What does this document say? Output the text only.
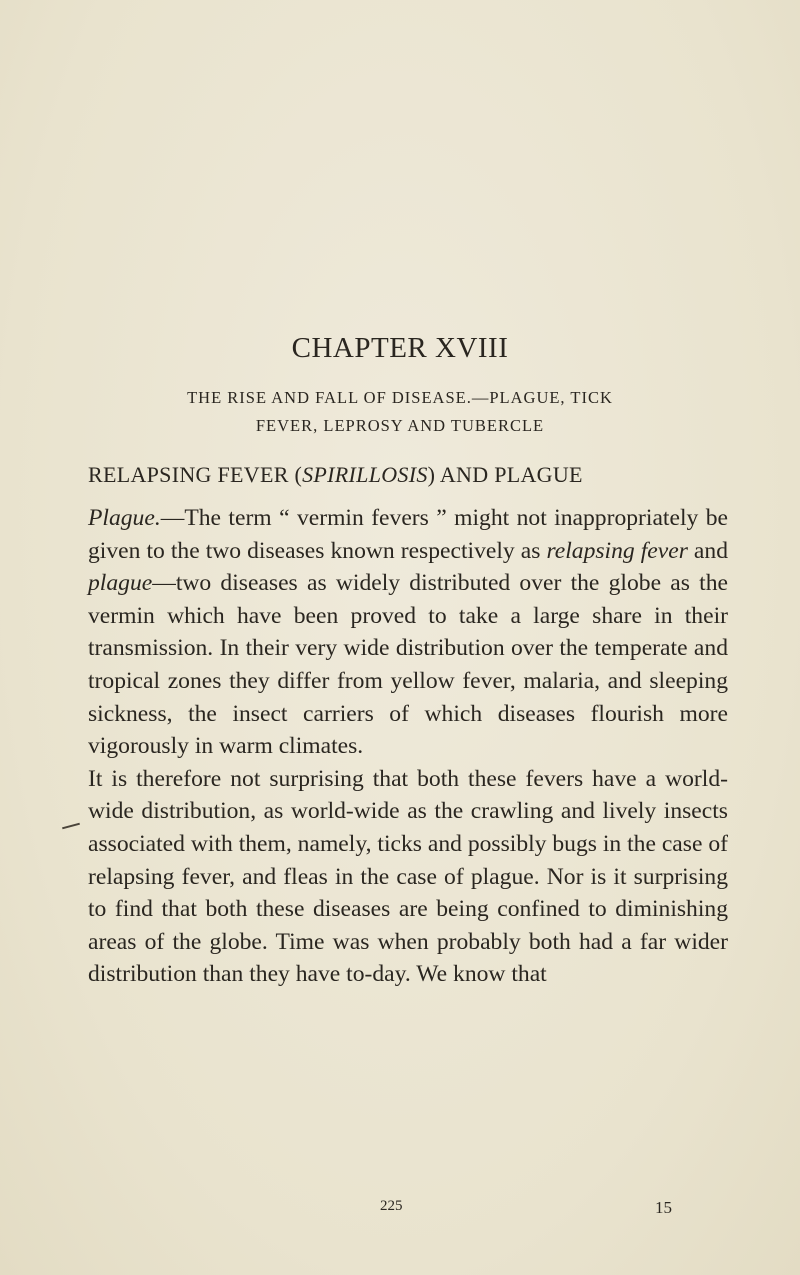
CHAPTER XVIII
THE RISE AND FALL OF DISEASE.—PLAGUE, TICK
FEVER, LEPROSY AND TUBERCLE
RELAPSING FEVER (SPIRILLOSIS) AND PLAGUE

Plague.—The term “ vermin fevers ” might not inappropriately be given to the two diseases known respectively as relapsing fever and plague—two diseases as widely distributed over the globe as the vermin which have been proved to take a large share in their transmission. In their very wide distribution over the temperate and tropical zones they differ from yellow fever, malaria, and sleeping sickness, the insect carriers of which diseases flourish more vigorously in warm climates.

It is therefore not surprising that both these fevers have a world-wide distribution, as world-wide as the crawling and lively insects associated with them, namely, ticks and possibly bugs in the case of relapsing fever, and fleas in the case of plague. Nor is it surprising to find that both these diseases are being confined to diminishing areas of the globe. Time was when probably both had a far wider distribution than they have to-day. We know that

225	15
